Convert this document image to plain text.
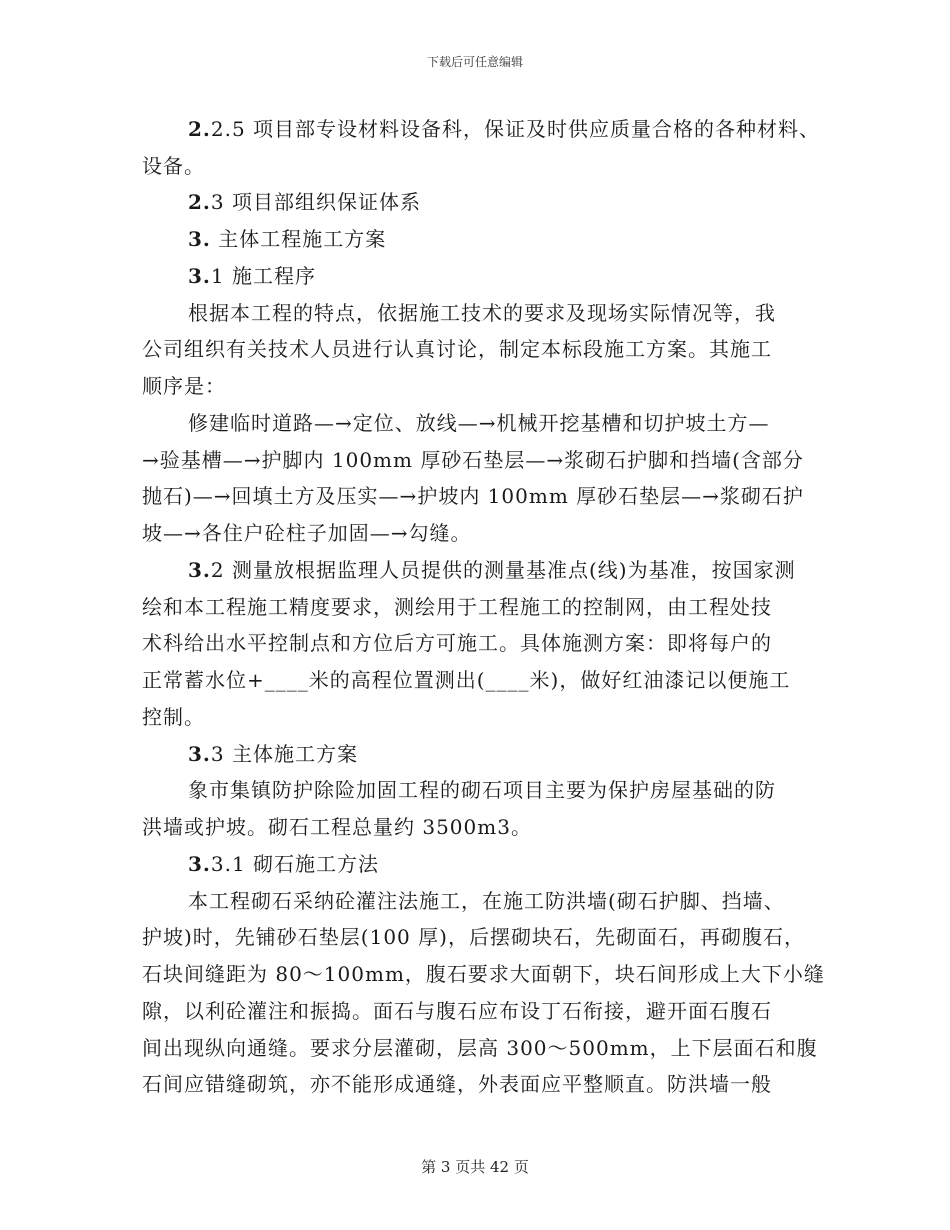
下载后可任意编辑
2.2.5 项目部专设材料设备科，保证及时供应质量合格的各种材料、
设备。
2.3 项目部组织保证体系
3. 主体工程施工方案
3.1 施工程序
根据本工程的特点，依据施工技术的要求及现场实际情况等，我
公司组织有关技术人员进行认真讨论，制定本标段施工方案。其施工
顺序是：
修建临时道路—→定位、放线—→机械开挖基槽和切护坡土方—
→验基槽—→护脚内 100mm 厚砂石垫层—→浆砌石护脚和挡墙(含部分
抛石)—→回填土方及压实—→护坡内 100mm 厚砂石垫层—→浆砌石护
坡—→各住户砼柱子加固—→勾缝。
3.2 测量放根据监理人员提供的测量基准点(线)为基准，按国家测
绘和本工程施工精度要求，测绘用于工程施工的控制网，由工程处技
术科给出水平控制点和方位后方可施工。具体施测方案：即将每户的
正常蓄水位+____米的高程位置测出(____米)，做好红油漆记以便施工
控制。
3.3 主体施工方案
象市集镇防护除险加固工程的砌石项目主要为保护房屋基础的防
洪墙或护坡。砌石工程总量约 3500m3。
3.3.1 砌石施工方法
本工程砌石采纳砼灌注法施工，在施工防洪墙(砌石护脚、挡墙、
护坡)时，先铺砂石垫层(100 厚)，后摆砌块石，先砌面石，再砌腹石，
石块间缝距为 80～100mm，腹石要求大面朝下，块石间形成上大下小缝
隙，以利砼灌注和振捣。面石与腹石应布设丁石衔接，避开面石腹石
间出现纵向通缝。要求分层灌砌，层高 300～500mm，上下层面石和腹
石间应错缝砌筑，亦不能形成通缝，外表面应平整顺直。防洪墙一般
第 3 页共 42 页
